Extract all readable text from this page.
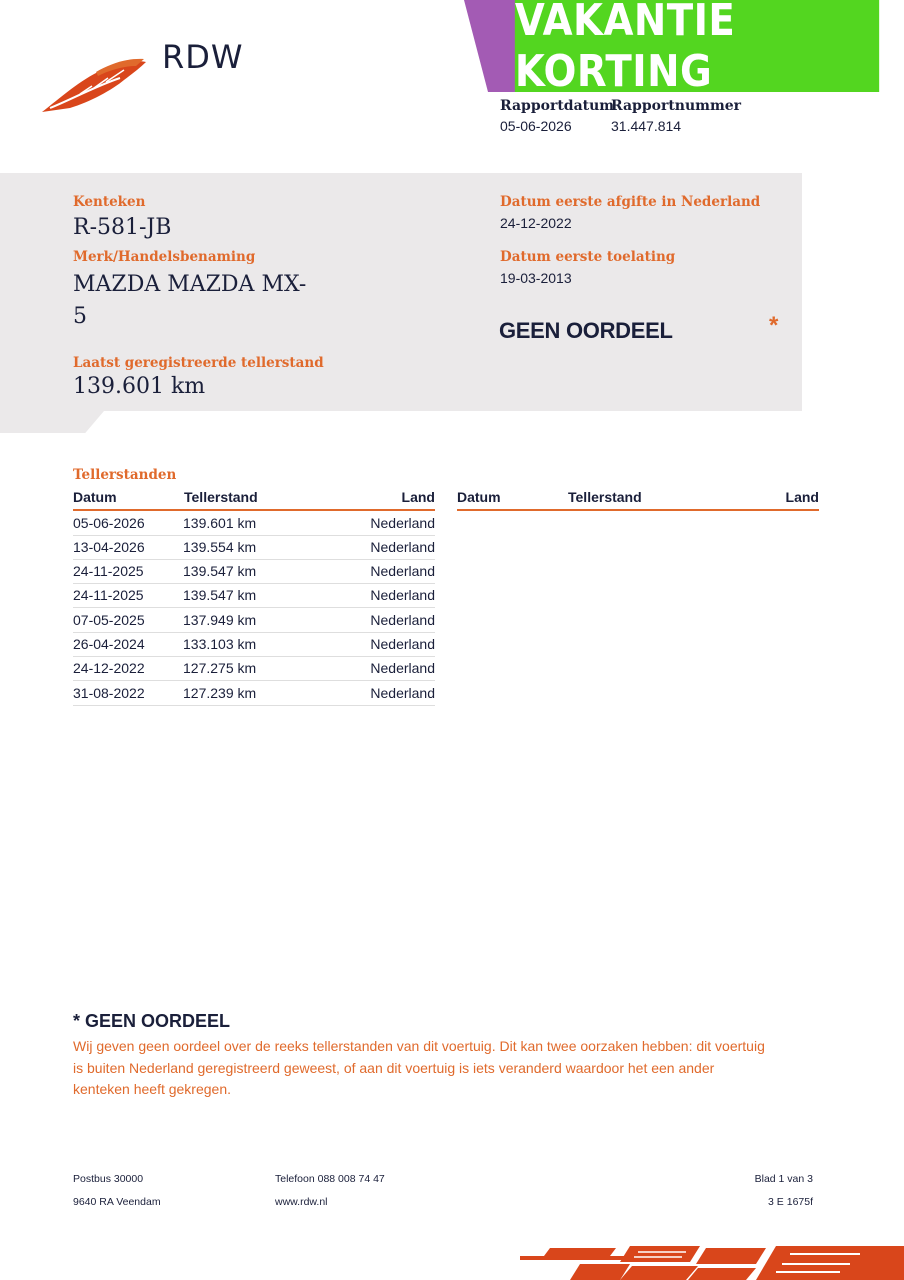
RDW
VAKANTIE KORTING
Rapportdatum
05-06-2026
Rapportnummer
31.447.814
Kenteken
R-581-JB
Merk/Handelsbenaming
MAZDA MAZDA MX-
5
Laatst geregistreerde tellerstand
139.601 km
Datum eerste afgifte in Nederland
24-12-2022
Datum eerste toelating
19-03-2013
GEEN OORDEEL	*
Tellerstanden
Datum	Tellerstand	Land Datum	Tellerstand	Land
05-06-2026	139.601 km	Nederland
13-04-2026	139.554 km	Nederland
24-11-2025	139.547 km	Nederland
24-11-2025	139.547 km	Nederland
07-05-2025	137.949 km	Nederland
26-04-2024	133.103 km	Nederland
24-12-2022	127.275 km	Nederland
31-08-2022	127.239 km	Nederland
* GEEN OORDEEL
Wij geven geen oordeel over de reeks tellerstanden van dit voertuig. Dit kan twee oorzaken hebben: dit voertuig is buiten Nederland geregistreerd geweest, of aan dit voertuig is iets veranderd waardoor het een ander kenteken heeft gekregen.
Postbus 30000
9640 RA Veendam
Telefoon 088 008 74 47
www.rdw.nl
Blad 1 van 3
3 E 1675f
